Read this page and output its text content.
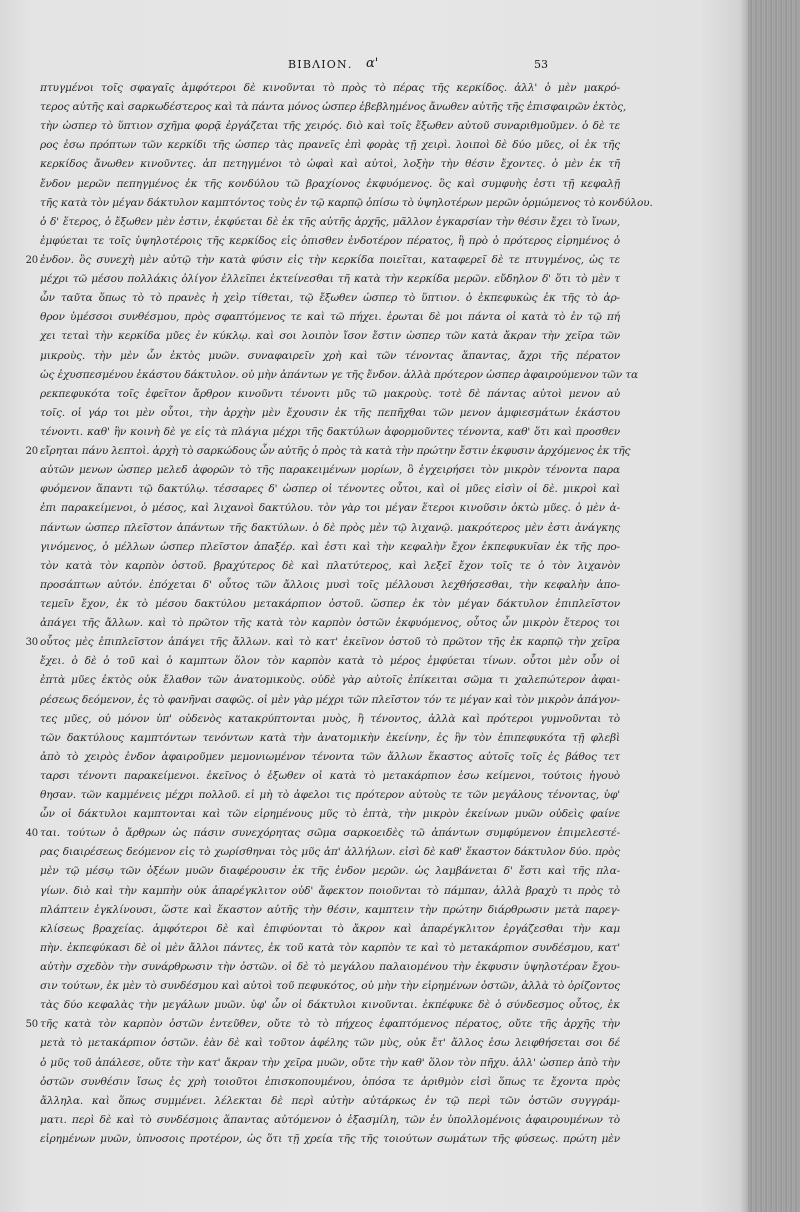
ΒΙΒΛΙΟΝ. α'	53
πτυγμένοι τοῖς σφαγαῖς ἀμφότεροι δὲ κινοῦνται τὸ πρὸς τὸ πέρας τῆς κερκίδος. ἀλλ' ὁ μὲν μακρό-
τερος αὐτῆς καὶ σαρκωδέστερος καὶ τὰ πάντα μόνος ὡσπερ ἐβεβλημένος ἄνωθεν αὐτῆς τῆς ἐπισφαιρῶν ἐκτὸς,
τὴν ὡσπερ τὸ ὕπτιον σχῆμα φορᾷ ἐργάζεται τῆς χειρός. διὸ καὶ τοῖς ἔξωθεν αὐτοῦ συναριθμοῦμεν. ὁ δὲ τε
ρος ἐσω πρόπτων τῶν κερκίδι τῆς ὡσπερ τὰς πρανεῖς ἐπὶ φορὰς τῇ χειρὶ. λοιποὶ δὲ δύο μῦες, οἱ ἐκ τῆς
κερκίδος ἄνωθεν κινοῦντες. ἀπ πετηγμένοι τὸ ὠφαὶ καὶ αὐτοὶ, λοξὴν τὴν θέσιν ἔχοντες. ὁ μὲν ἐκ τῆ
ἔνδον μερῶν πεπηγμένος ἐκ τῆς κονδύλου τῶ βραχίονος ἐκφυόμενος. ὃς καὶ συμφυὴς ἐστι τῇ κεφαλῇ
τῆς κατὰ τὸν μέγαν δάκτυλον καμπτόντος τοὺς ἐν τῷ καρπῷ ὀπίσω τὸ ὑψηλοτέρων μερῶν ὁρμώμενος τὸ κονδύλου.
ὁ δ' ἕτερος, ὁ ἔξωθεν μὲν ἐστιν, ἐκφύεται δὲ ἐκ τῆς αὐτῆς ἀρχῆς, μᾶλλον ἐγκαρσίαν τὴν θέσιν ἔχει τὸ ἴνων,
ἐμφύεται τε τοῖς ὑψηλοτέροις τῆς κερκίδος εἰς ὀπισθεν ἐνδοτέρον πέρατος, ἢ πρὸ ὁ πρότερος εἰρημένος ὁ
20 ἐνδον. ὃς συνεχὴ μὲν αὐτῷ τὴν κατὰ φύσιν εἰς τὴν κερκίδα ποιεῖται, καταφερεῖ δὲ τε πτυγμένος, ὡς τε
μέχρι τῶ μέσου πολλάκις ὀλίγον ἐλλεῖπει ἐκτείνεσθαι τῆ κατὰ τὴν κερκίδα μερῶν. εὔδηλον δ' ὅτι τὸ μὲν τ
ὧν ταῦτα ὅπως τὸ τὸ πρανὲς ἡ χεὶρ τίθεται, τῷ ἔξωθεν ὡσπερ τὸ ὕπτιον. ὁ ἐκπεφυκὼς ἐκ τῆς τὸ ἀρ-
θρον ὑμέσσοι συνθέσμου, πρὸς σφαπτόμενος τε καὶ τῶ πήχει. ἐρωται δὲ μοι πάντα οἱ κατὰ τὸ ἐν τῷ πή
χει τεταὶ τὴν κερκίδα μῦες ἐν κύκλῳ. καὶ σοι λοιπὸν ἴσον ἔστιν ὡσπερ τῶν κατὰ ἄκραν τὴν χεῖρα τῶν
μικροὺς. τὴν μὲν ὧν ἐκτὸς μυῶν. συναφαιρεῖν χρὴ καὶ τῶν τένοντας ἅπαντας, ἄχρι τῆς πέρατον
ὡς ἐχυσπεσμένου ἑκάστου δάκτυλον. οὐ μὴν ἀπάντων γε τῆς ἔνδον. ἀλλὰ πρότερον ὡσπερ ἀφαιρούμενον τῶν τα
ρεκπεφυκότα τοῖς ἐφεῖτον ἄρθρον κινοῦντι τένοντι μῦς τῶ μακροὺς. τοτὲ δὲ πάντας αὐτοὶ μενον αὐ
τοῖς. οἱ γάρ τοι μὲν οὗτοι, τὴν ἀρχὴν μὲν ἔχουσιν ἐκ τῆς πεπῆχθαι τῶν μενον ἀμφιεσμάτων ἑκάστου
τένοντι. καθ' ἣν κοινὴ δὲ γε εἰς τὰ πλάγια μέχρι τῆς δακτύλων ἀφορμοῦντες τένοντα, καθ' ὅτι καὶ προσθεν
20 εἴρηται πάνυ λεπτοὶ. ἀρχὴ τὸ σαρκώδους ὧν αὐτῆς ὁ πρὸς τὰ κατὰ τὴν πρώτην ἔστιν ἐκφυσιν ἀρχόμενος ἐκ τῆς
αὐτῶν μενων ὡσπερ μελεδ ἀφορῶν τὸ τῆς παρακειμένων μορίων, ὃ ἐγχειρήσει τὸν μικρὸν τένοντα παρα
φυόμενον ἅπαντι τῷ δακτύλῳ. τέσσαρες δ' ὡσπερ οἱ τένοντες οὗτοι, καὶ οἱ μῦες εἰσὶν οἱ δὲ. μικροὶ καὶ
ἐπι παρακείμενοι, ὁ μέσος, καὶ λιχανοὶ δακτύλου. τὸν γὰρ τοι μέγαν ἕτεροι κινοῦσιν ὀκτὼ μῦες. ὁ μὲν ἀ-
πάντων ὡσπερ πλεῖστον ἀπάντων τῆς δακτύλων. ὁ δὲ πρὸς μὲν τῷ λιχανῷ. μακρότερος μὲν ἐστι ἀνάγκης
γινόμενος, ὁ μέλλων ὡσπερ πλεῖστον ἀπαξέρ. καὶ ἐστι καὶ τὴν κεφαλὴν ἔχον ἐκπεφυκυῖαν ἐκ τῆς προ-
τὸν κατὰ τὸν καρπὸν ὀστοῦ. βραχύτερος δὲ καὶ πλατύτερος, καὶ λεξεῖ ἔχον τοῖς τε ὁ τὸν λιχανὸν
προσάπτων αὐτόν. ἐπόχεται δ' οὗτος τῶν ἄλλοις μυσὶ τοῖς μέλλουσι λεχθήσεσθαι, τὴν κεφαλὴν ἀπο-
τεμεῖν ἔχον, ἐκ τὸ μέσου δακτύλου μετακάρπιον ὀστοῦ. ὥσπερ ἐκ τὸν μέγαν δάκτυλον ἐπιπλεῖστον
ἀπάγει τῆς ἄλλων. καὶ τὸ πρῶτον τῆς κατὰ τὸν καρπὸν ὀστῶν ἐκφυόμενος, οὗτος ὧν μικρὸν ἕτερος τοι
30 οὗτος μὲς ἐπιπλεῖστον ἀπάγει τῆς ἄλλων. καὶ τὸ κατ' ἐκεῖνον ὀστοῦ τὸ πρῶτον τῆς ἐκ καρπῷ τὴν χεῖρα
ἔχει. ὁ δὲ ὁ τοῦ καὶ ὁ καμπτων ὅλον τὸν καρπὸν κατὰ τὸ μέρος ἐμφύεται τίνων. οὗτοι μὲν οὖν οἱ
ἐπτὰ μῦες ἐκτὸς οὐκ ἔλαθον τῶν ἀνατομικοὺς. οὐδὲ γὰρ αὐτοῖς ἐπίκειται σῶμα τι χαλεπώτερον ἀφαι-
ρέσεως δεόμενον, ἐς τὸ φανῆναι σαφῶς. οἱ μὲν γὰρ μέχρι τῶν πλεῖστον τόν τε μέγαν καὶ τὸν μικρὸν ἀπάγον-
τες μῦες, οὐ μόνον ὑπ' οὐδενὸς κατακρύπτονται μυὸς, ἢ τένοντος, ἀλλὰ καὶ πρότεροι γυμνοῦνται τὸ
τῶν δακτύλους καμπτόντων τενόντων κατὰ τὴν ἀνατομικὴν ἐκείνην, ἐς ἣν τὸν ἐπιπεφυκότα τῇ φλεβὶ
ἀπὸ τὸ χειρὸς ἐνδον ἀφαιροῦμεν μεμονιωμένον τένοντα τῶν ἄλλων ἕκαστος αὐτοῖς τοῖς ἐς βάθος τετ
ταρσι τένοντι παρακείμενοι. ἐκεῖνος ὁ ἐξωθεν οἱ κατὰ τὸ μετακάρπιον ἐσω κείμενοι, τούτοις ἡγουὸ
θησαν. τῶν καμμένεις μέχρι πολλοῦ. εἰ μὴ τὸ ἀφελοι τις πρότερον αὐτοὺς τε τῶν μεγάλους τένοντας, ὑφ'
ὧν οἱ δάκτυλοι καμπτονται καὶ τῶν εἰρημένους μῦς τὸ ἑπτὰ, τὴν μικρὸν ἐκείνων μυῶν οὐδεὶς φαίνε
40 ται. τούτων ὁ ἄρθρων ὡς πάσιν συνεχόρητας σῶμα σαρκοειδὲς τῶ ἀπάντων συμφύμενον ἐπιμελεστέ-
ρας διαιρέσεως δεόμενον εἰς τὸ χωρίσθηναι τὸς μῦς ἀπ' ἀλλήλων. εἰσὶ δὲ καθ' ἕκαστον δάκτυλον δύο. πρὸς
μὲν τῷ μέσῳ τῶν ὀξέων μυῶν διαφέρουσιν ἐκ τῆς ἐνδον μερῶν. ὡς λαμβάνεται δ' ἔστι καὶ τῆς πλα-
γίων. διὸ καὶ τὴν καμπὴν οὐκ ἀπαρέγκλιτον οὐδ' ἄφεκτον ποιοῦνται τὸ πάμπαν, ἀλλὰ βραχὺ τι πρὸς τὸ
πλάπτειν ἐγκλίνουσι, ὥστε καὶ ἕκαστον αὐτῆς τὴν θέσιν, καμπτειν τὴν πρώτην διάρθρωσιν μετὰ παρεγ-
κλίσεως βραχείας. ἀμφότεροι δὲ καὶ ἐπιφύονται τὸ ἄκρον καὶ ἀπαρέγκλιτον ἐργάζεσθαι τὴν καμ
πὴν. ἐκπεφύκασι δὲ οἱ μὲν ἄλλοι πάντες, ἐκ τοῦ κατὰ τὸν καρπὸν τε καὶ τὸ μετακάρπιον συνδέσμου, κατ'
αὐτὴν σχεδὸν τὴν συνάρθρωσιν τὴν ὀστῶν. οἱ δὲ τὸ μεγάλου παλαιομένου τὴν ἐκφυσιν ὑψηλοτέραν ἔχου-
σιν τούτων, ἐκ μὲν τὸ συνδέσμου καὶ αὐτοὶ τοῦ πεφυκότος, οὐ μὴν τὴν εἰρημένων ὀστῶν, ἀλλὰ τὸ ὁρίζοντος
τὰς δύο κεφαλὰς τὴν μεγάλων μυῶν. ὑφ' ὧν οἱ δάκτυλοι κινοῦνται. ἐκπέφυκε δὲ ὁ σύνδεσμος οὗτος, ἐκ
50 τῆς κατὰ τὸν καρπὸν ὀστῶν ἐντεῦθεν, οὔτε τὸ τὸ πήχεος ἐφαπτόμενος πέρατος, οὔτε τῆς ἀρχῆς τὴν
μετὰ τὸ μετακάρπιον ὀστῶν. ἐὰν δὲ καὶ τοῦτον ἀφέλης τῶν μὺς, οὐκ ἔτ' ἄλλος ἐσω λειφθήσεται σοι δέ
ὁ μῦς τοῦ ἀπάλεσε, οὔτε τὴν κατ' ἄκραν τὴν χεῖρα μυῶν, οὔτε τὴν καθ' ὅλον τὸν πῆχυ. ἀλλ' ὡσπερ ἀπὸ τὴν
ὀστῶν συνθέσιν ἴσως ἐς χρὴ τοιοῦτοι ἐπισκοπουμένου, ὁπόσα τε ἀριθμὸν εἰσὶ ὅπως τε ἔχοντα πρὸς
ἄλληλα. καὶ ὅπως συμμένει. λέλεκται δὲ περὶ αὐτὴν αὐτάρκως ἐν τῷ περὶ τῶν ὀστῶν συγγράμ-
ματι. περὶ δὲ καὶ τὸ συνδέσμοις ἅπαντας αὐτόμενον ὁ ἐξασμίλη, τῶν ἐν ὑπολλομένοις ἀφαιρουμένων τὸ
εἰρημένων μυῶν, ὑπνοσοις προτέρον, ὡς ὅτι τῇ χρεία τῆς τῆς τοιούτων σωμάτων τῆς φύσεως. πρώτη μὲν
